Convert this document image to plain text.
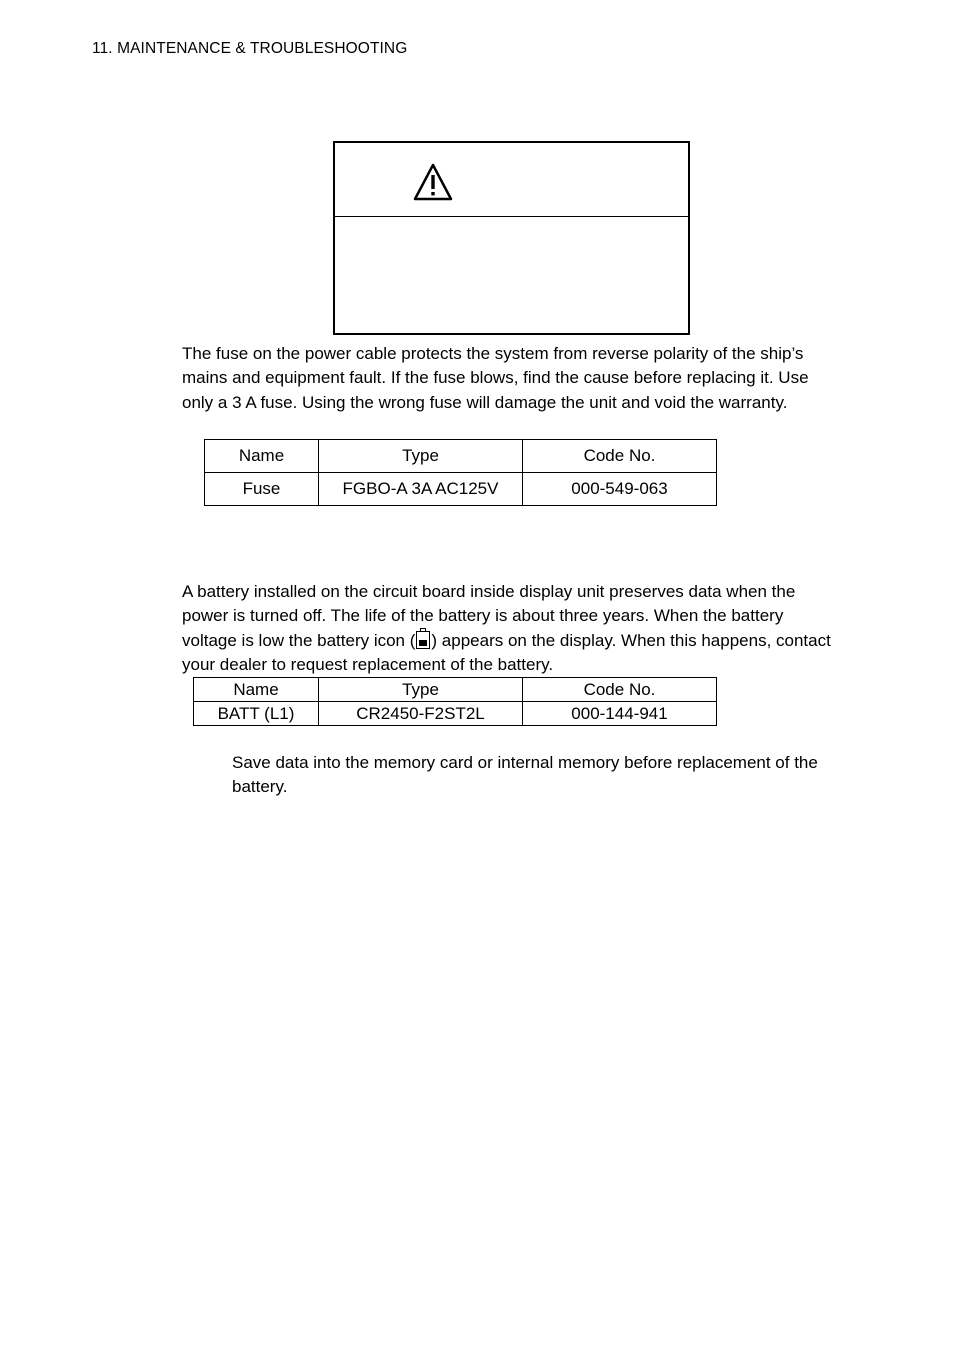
11. MAINTENANCE & TROUBLESHOOTING
The fuse on the power cable protects the system from reverse polarity of the ship’s mains and equipment fault. If the fuse blows, find the cause before replacing it. Use only a 3 A fuse. Using the wrong fuse will damage the unit and void the warranty.
Name	Type	Code No.
Fuse	FGBO-A 3A AC125V	000-549-063
A battery installed on the circuit board inside display unit preserves data when the power is turned off. The life of the battery is about three years. When the battery voltage is low the battery icon ( ) appears on the display. When this happens, contact your dealer to request replacement of the battery.
Name	Type	Code No.
BATT (L1)	CR2450-F2ST2L	000-144-941
Save data into the memory card or internal memory before replacement of the battery.
